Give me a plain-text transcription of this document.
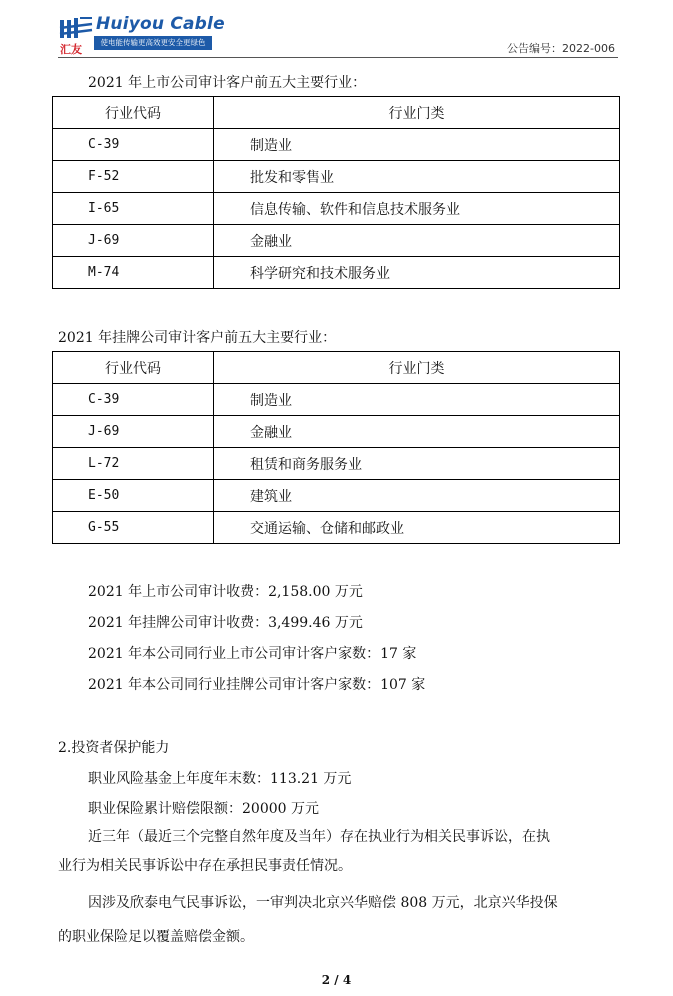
Huiyou Cable
使电能传输更高效更安全更绿色
汇友	公告编号：2022-006
2021 年上市公司审计客户前五大主要行业：
行业代码	行业门类
C-39	制造业
F-52	批发和零售业
I-65	信息传输、软件和信息技术服务业
J-69	金融业
M-74	科学研究和技术服务业
2021 年挂牌公司审计客户前五大主要行业：
行业代码	行业门类
C-39	制造业
J-69	金融业
L-72	租赁和商务服务业
E-50	建筑业
G-55	交通运输、仓储和邮政业
2021 年上市公司审计收费：2,158.00 万元
2021 年挂牌公司审计收费：3,499.46 万元
2021 年本公司同行业上市公司审计客户家数：17 家
2021 年本公司同行业挂牌公司审计客户家数：107 家
2.投资者保护能力
职业风险基金上年度年末数：113.21 万元
职业保险累计赔偿限额：20000 万元
近三年（最近三个完整自然年度及当年）存在执业行为相关民事诉讼，在执
业行为相关民事诉讼中存在承担民事责任情况。
因涉及欣泰电气民事诉讼，一审判决北京兴华赔偿 808 万元，北京兴华投保
的职业保险足以覆盖赔偿金额。
2 / 4
